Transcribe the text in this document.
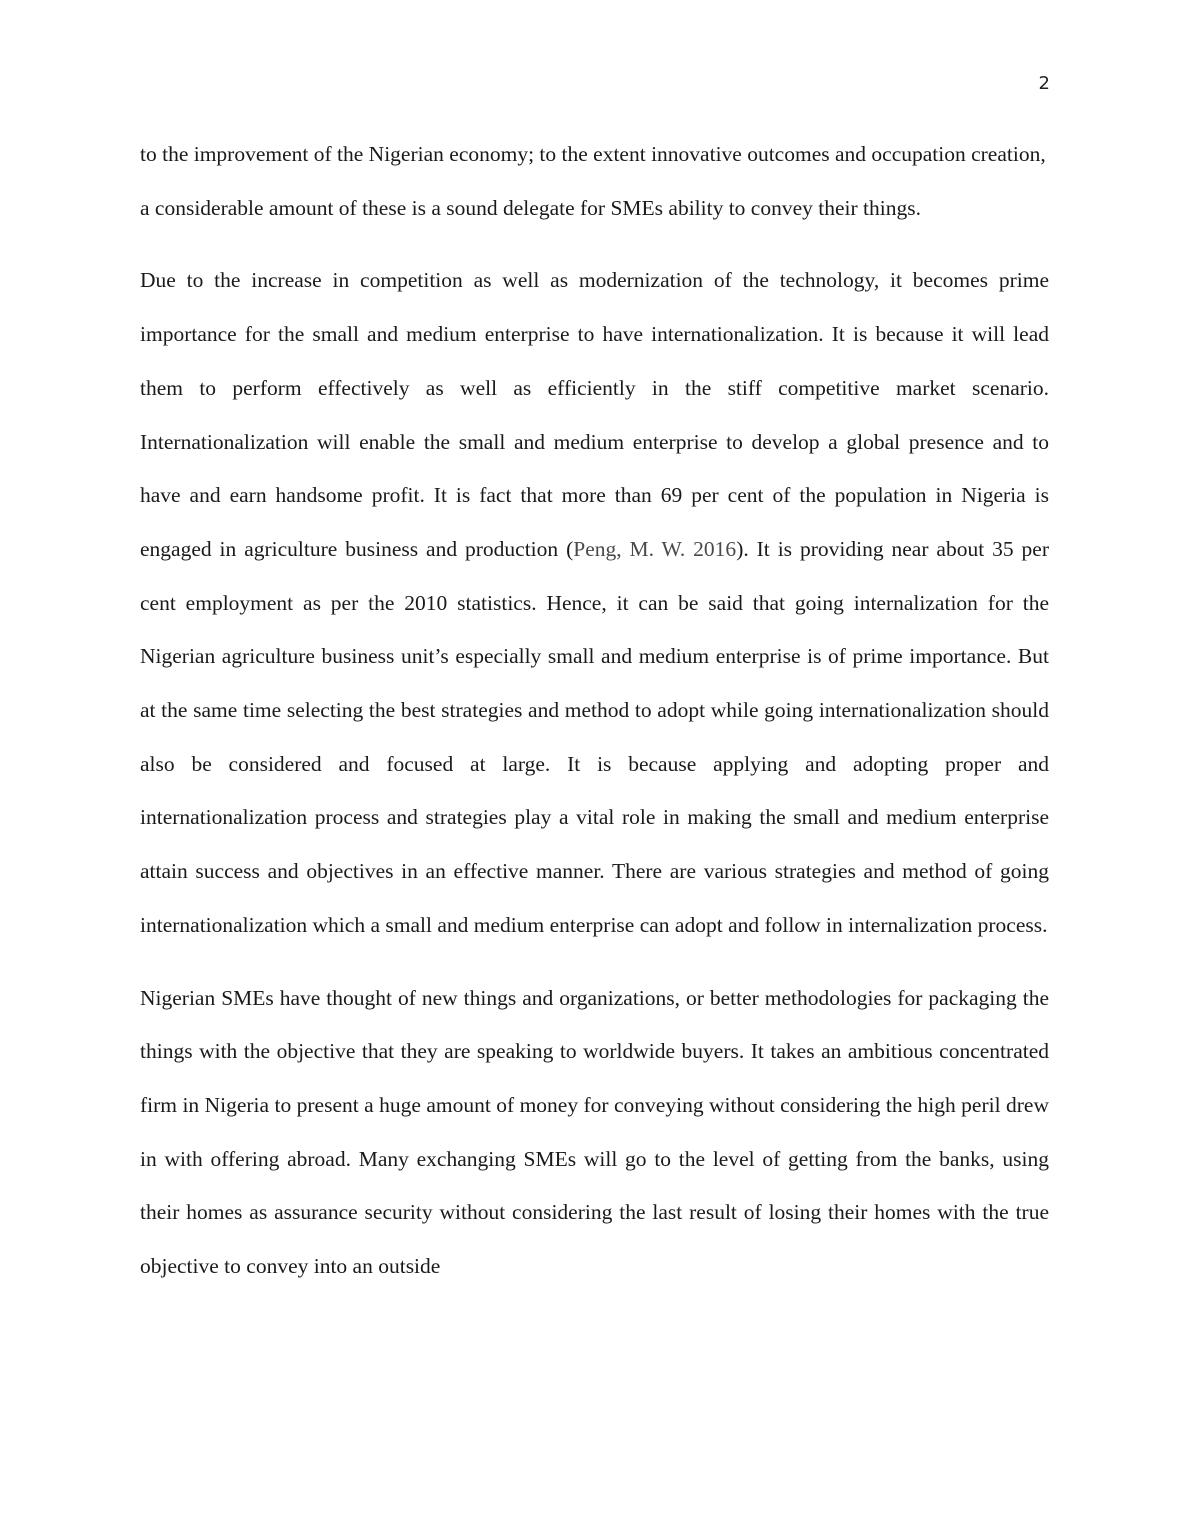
2

to the improvement of the Nigerian economy; to the extent innovative outcomes and occupation creation, a considerable amount of these is a sound delegate for SMEs ability to convey their things.

Due to the increase in competition as well as modernization of the technology, it becomes prime importance for the small and medium enterprise to have internationalization. It is because it will lead them to perform effectively as well as efficiently in the stiff competitive market scenario. Internationalization will enable the small and medium enterprise to develop a global presence and to have and earn handsome profit. It is fact that more than 69 per cent of the population in Nigeria is engaged in agriculture business and production (Peng, M. W. 2016). It is providing near about 35 per cent employment as per the 2010 statistics. Hence, it can be said that going internalization for the Nigerian agriculture business unit’s especially small and medium enterprise is of prime importance. But at the same time selecting the best strategies and method to adopt while going internationalization should also be considered and focused at large. It is because applying and adopting proper and internationalization process and strategies play a vital role in making the small and medium enterprise attain success and objectives in an effective manner. There are various strategies and method of going internationalization which a small and medium enterprise can adopt and follow in internalization process.

Nigerian SMEs have thought of new things and organizations, or better methodologies for packaging the things with the objective that they are speaking to worldwide buyers. It takes an ambitious concentrated firm in Nigeria to present a huge amount of money for conveying without considering the high peril drew in with offering abroad. Many exchanging SMEs will go to the level of getting from the banks, using their homes as assurance security without considering the last result of losing their homes with the true objective to convey into an outside
